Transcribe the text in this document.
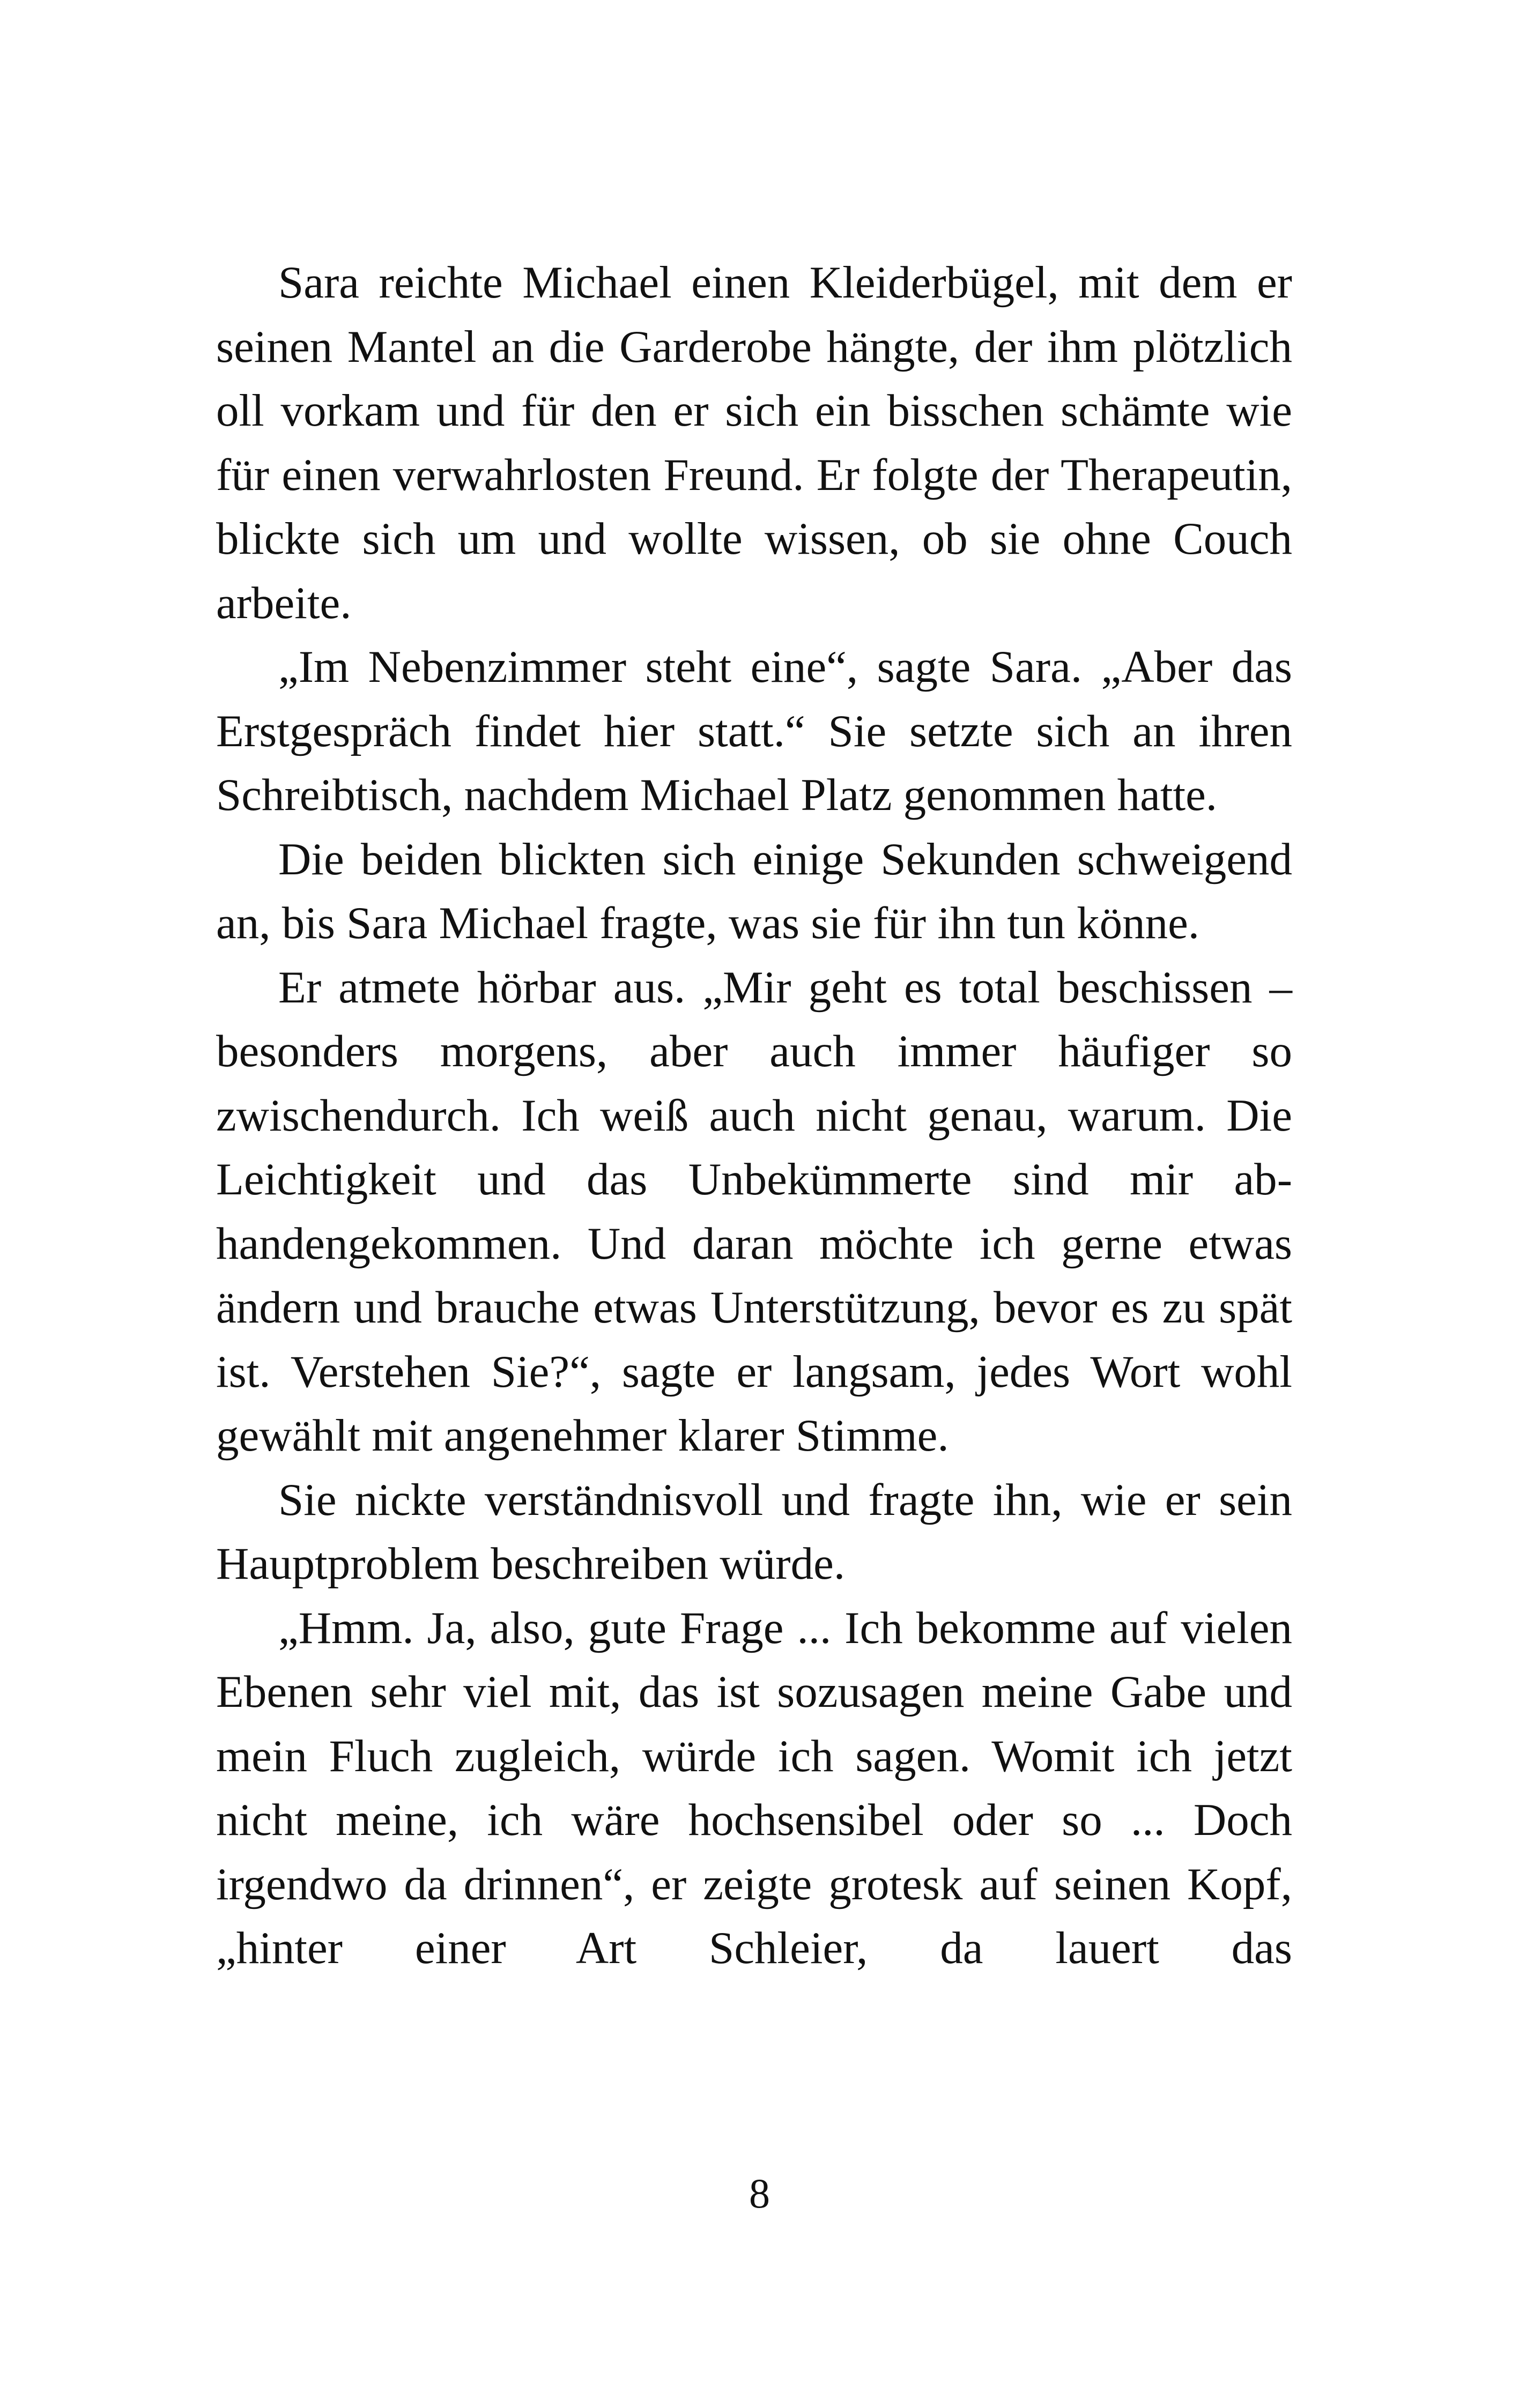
Sara reichte Michael einen Kleiderbügel, mit dem er seinen Mantel an die Garderobe hängte, der ihm plötzlich oll vorkam und für den er sich ein bisschen schämte wie für einen verwahrlosten Freund. Er folgte der Therapeutin, blickte sich um und wollte wissen, ob sie ohne Couch arbeite.

„Im Nebenzimmer steht eine“, sagte Sara. „Aber das Erstgespräch findet hier statt.“ Sie setzte sich an ihren Schreibtisch, nachdem Michael Platz genommen hatte.

Die beiden blickten sich einige Sekunden schweigend an, bis Sara Michael fragte, was sie für ihn tun könne.

Er atmete hörbar aus. „Mir geht es total beschissen – besonders morgens, aber auch immer häufiger so zwischendurch. Ich weiß auch nicht genau, warum. Die Leichtigkeit und das Unbekümmerte sind mir abhandengekommen. Und daran möchte ich gerne etwas ändern und brauche etwas Unterstützung, bevor es zu spät ist. Verstehen Sie?“, sagte er langsam, jedes Wort wohl gewählt mit angenehmer klarer Stimme.

Sie nickte verständnisvoll und fragte ihn, wie er sein Hauptproblem beschreiben würde.

„Hmm. Ja, also, gute Frage ... Ich bekomme auf vielen Ebenen sehr viel mit, das ist sozusagen meine Gabe und mein Fluch zugleich, würde ich sagen. Womit ich jetzt nicht meine, ich wäre hochsensibel oder so ... Doch irgendwo da drinnen“, er zeigte grotesk auf seinen Kopf, „hinter einer Art Schleier, da lauert das

8
